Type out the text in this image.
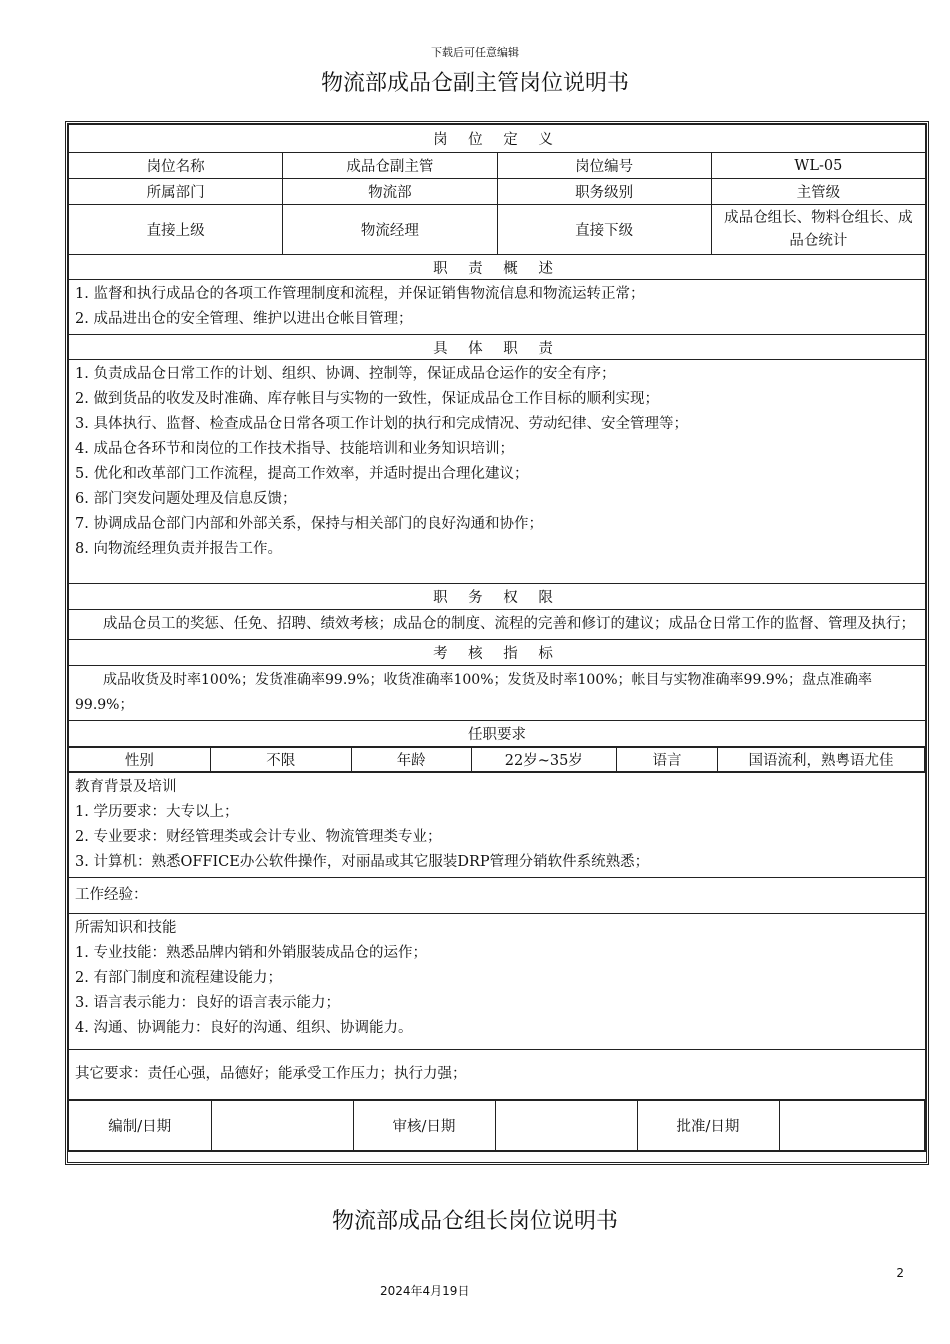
下载后可任意编辑
物流部成品仓副主管岗位说明书
岗 位 定 义
岗位名称	成品仓副主管	岗位编号	WL-05
所属部门	物流部	职务级别	主管级
直接上级	物流经理	直接下级	成品仓组长、物料仓组长、成品仓统计
职 责 概 述

1. 监督和执行成品仓的各项工作管理制度和流程，并保证销售物流信息和物流运转正常；
2. 成品进出仓的安全管理、维护以进出仓帐目管理；

具 体 职 责

1. 负责成品仓日常工作的计划、组织、协调、控制等，保证成品仓运作的安全有序；
2. 做到货品的收发及时准确、库存帐目与实物的一致性，保证成品仓工作目标的顺利实现；
3. 具体执行、监督、检查成品仓日常各项工作计划的执行和完成情况、劳动纪律、安全管理等；
4. 成品仓各环节和岗位的工作技术指导、技能培训和业务知识培训；
5. 优化和改革部门工作流程，提高工作效率，并适时提出合理化建议；
6. 部门突发问题处理及信息反馈；
7. 协调成品仓部门内部和外部关系，保持与相关部门的良好沟通和协作；
8. 向物流经理负责并报告工作。

职 务 权 限
成品仓员工的奖惩、任免、招聘、绩效考核；成品仓的制度、流程的完善和修订的建议；成品仓日常工作的监督、管理及执行；
考 核 指 标
成品收货及时率100%；发货准确率99.9%；收货准确率100%；发货及时率100%；帐目与实物准确率99.9%；盘点准确率99.9%；
任职要求

性别	不限	年龄	22岁~35岁	语言	国语流利，熟粤语尤佳

教育背景及培训
1. 学历要求：大专以上；
2. 专业要求：财经管理类或会计专业、物流管理类专业；
3. 计算机：熟悉OFFICE办公软件操作，对丽晶或其它服装DRP管理分销软件系统熟悉；

工作经验：

所需知识和技能
1. 专业技能：熟悉品牌内销和外销服装成品仓的运作；
2. 有部门制度和流程建设能力；
3. 语言表示能力：良好的语言表示能力；
4. 沟通、协调能力：良好的沟通、组织、协调能力。

其它要求：责任心强，品德好；能承受工作压力；执行力强；

编制/日期		审核/日期		批准/日期	
物流部成品仓组长岗位说明书
2
2024年4月19日
